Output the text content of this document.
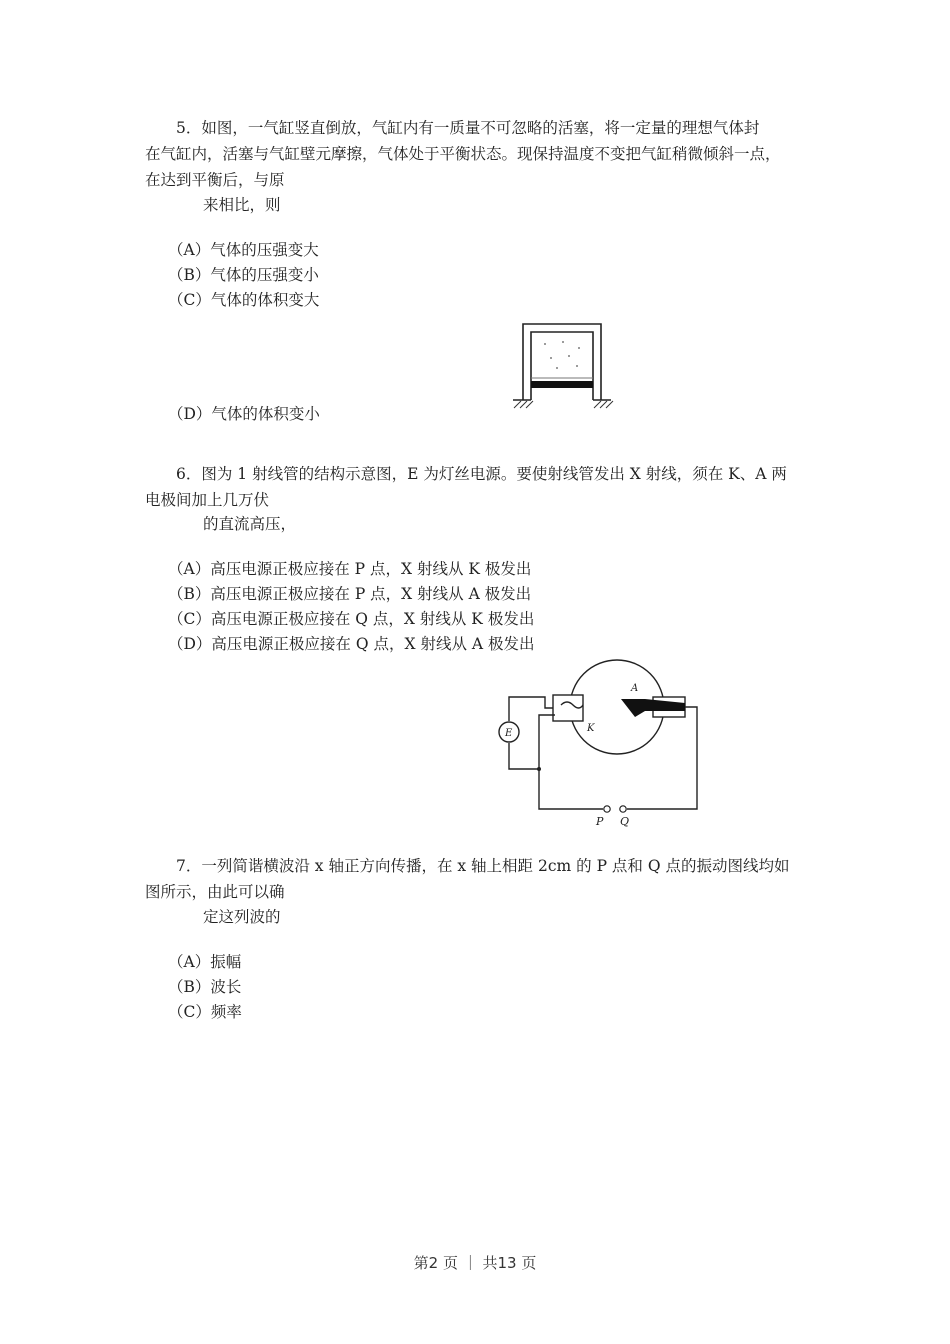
5．如图，一气缸竖直倒放，气缸内有一质量不可忽略的活塞，将一定量的理想气体封
在气缸内，活塞与气缸壁元摩擦，气体处于平衡状态。现保持温度不变把气缸稍微倾斜一点，
在达到平衡后，与原
来相比，则
（A）气体的压强变大
（B）气体的压强变小
（C）气体的体积变大
（D）气体的体积变小
6．图为 1 射线管的结构示意图，E 为灯丝电源。要使射线管发出 X 射线，须在 K、A 两
电极间加上几万伏
的直流高压，
（A）高压电源正极应接在 P 点，X 射线从 K 极发出
（B）高压电源正极应接在 P 点，X 射线从 A 极发出
（C）高压电源正极应接在 Q 点，X 射线从 K 极发出
（D）高压电源正极应接在 Q 点，X 射线从 A 极发出
E
P Q
A
K
7．一列简谐横波沿 x 轴正方向传播，在 x 轴上相距 2cm 的 P 点和 Q 点的振动图线均如
图所示，由此可以确
定这列波的
（A）振幅
（B）波长
（C）频率
第2 页 ｜ 共13 页
